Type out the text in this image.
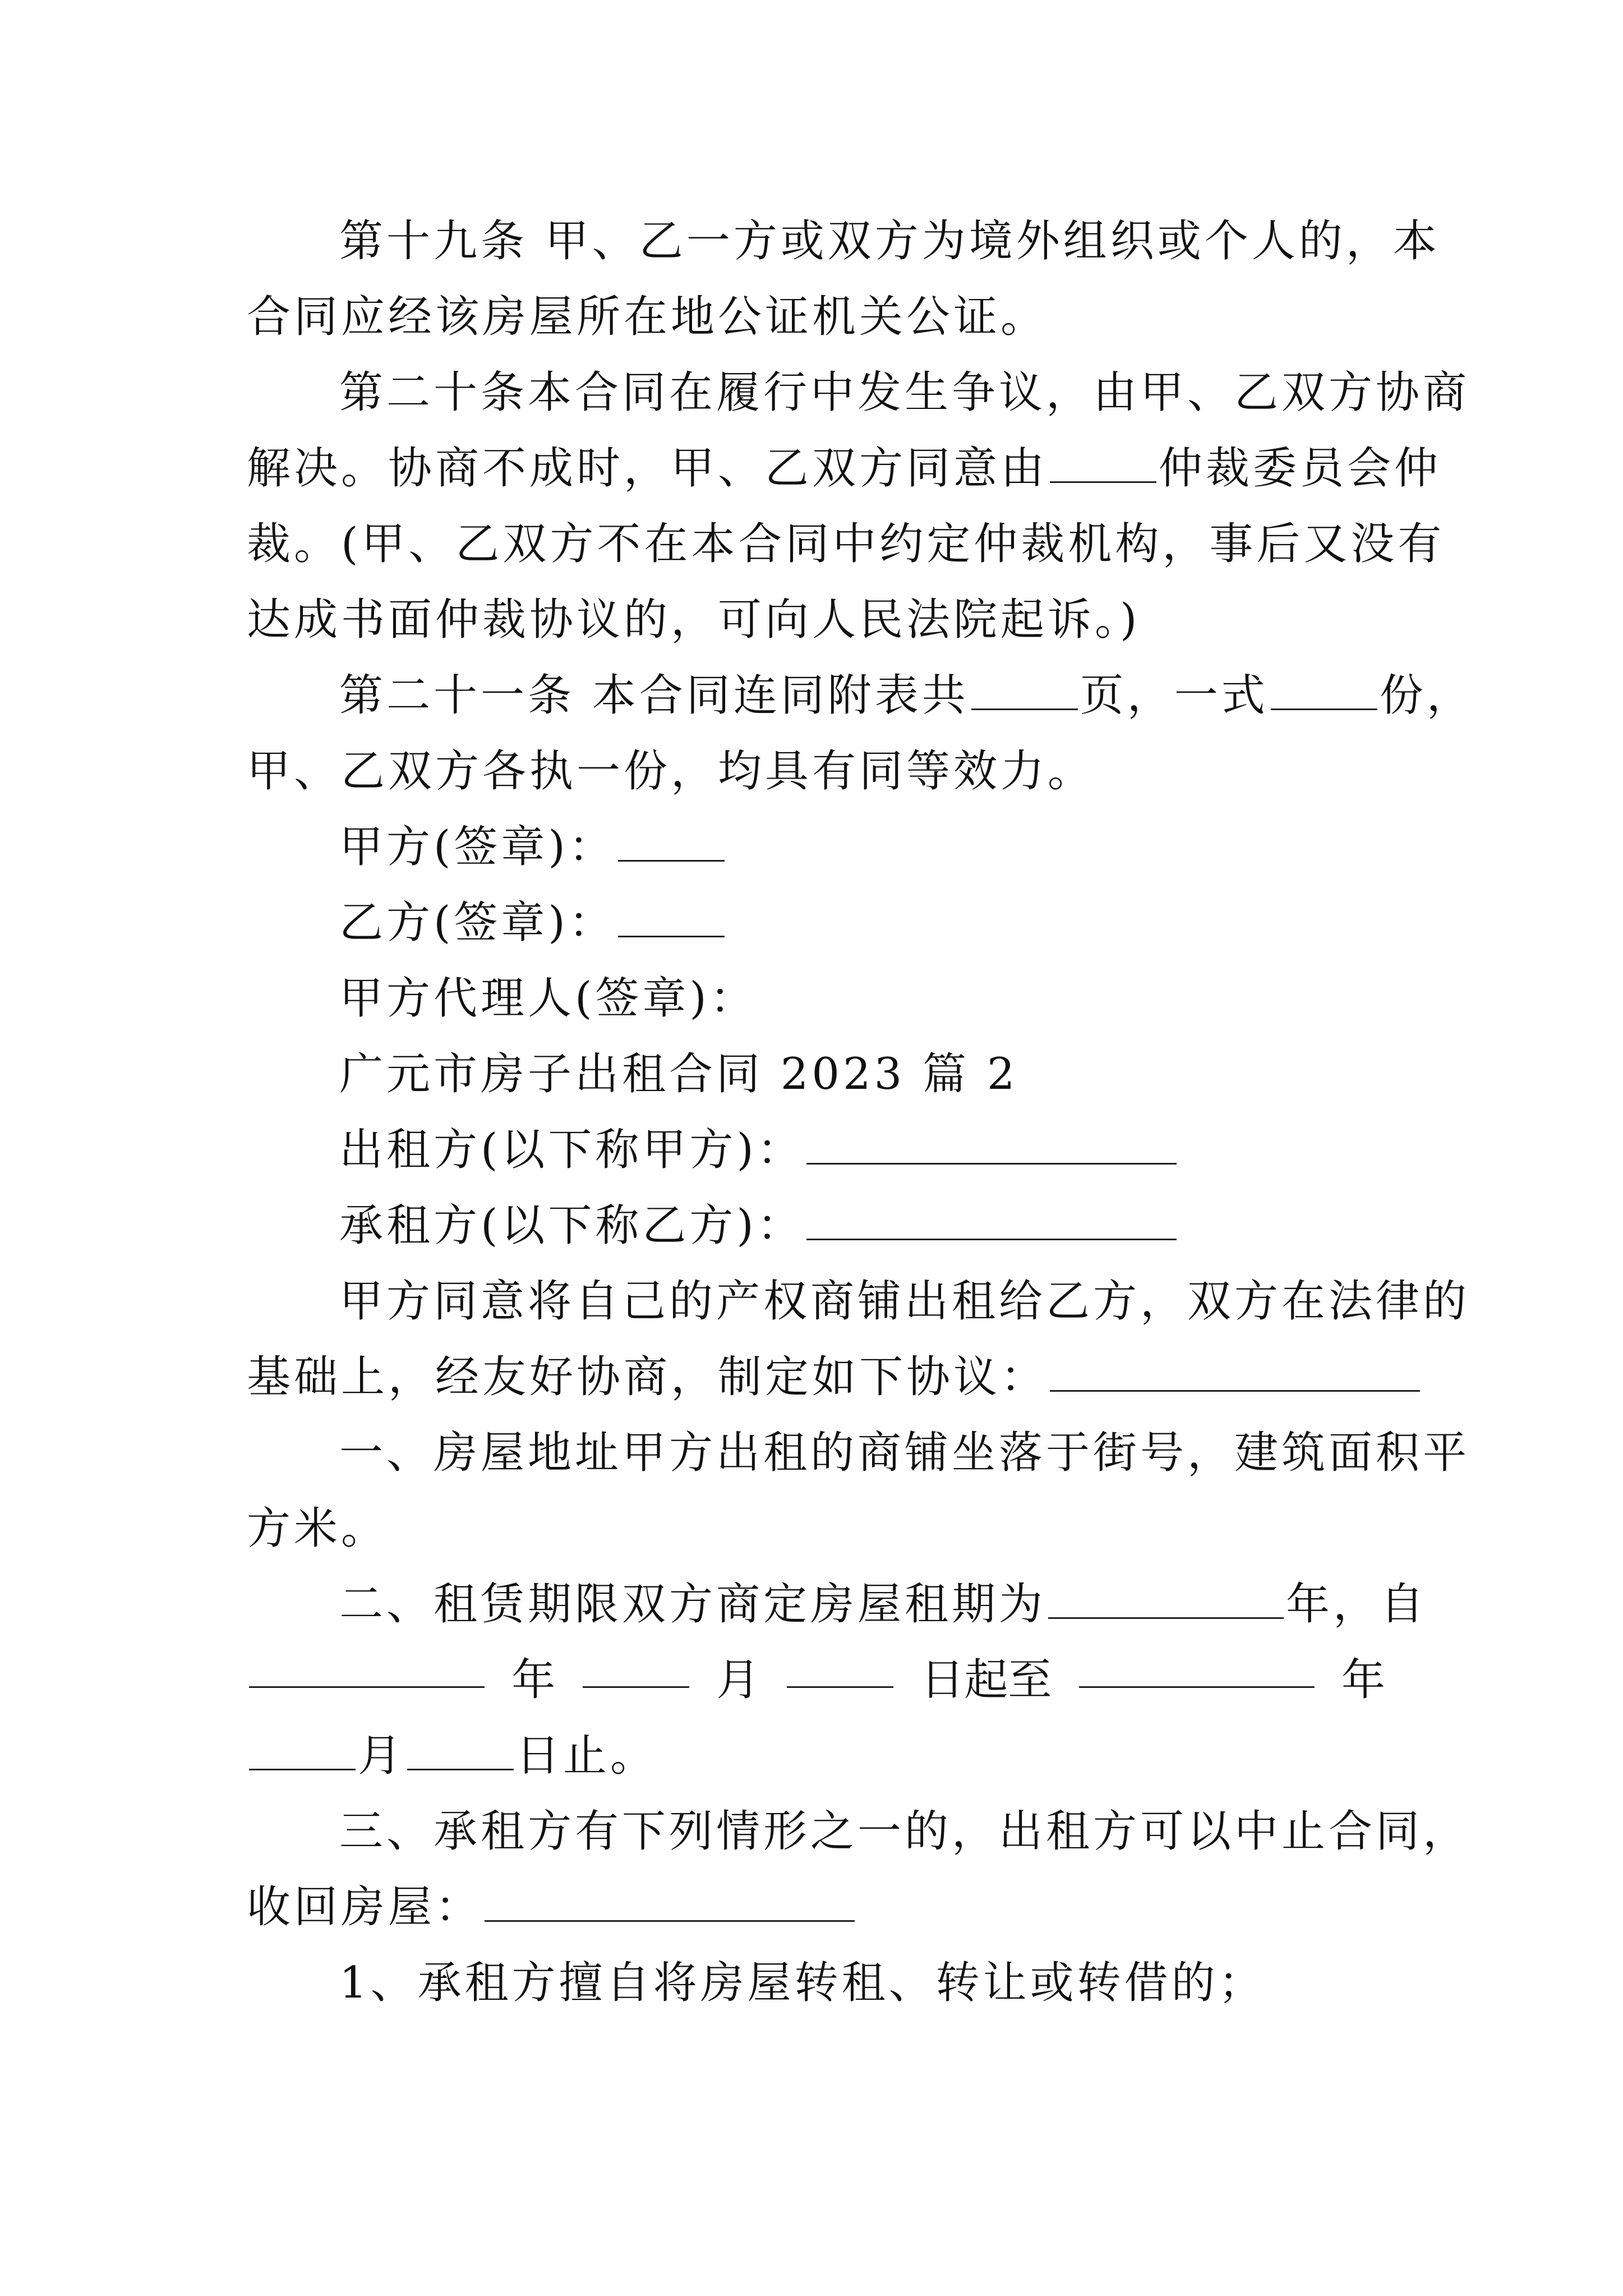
第十九条 甲、乙一方或双方为境外组织或个人的，本
合同应经该房屋所在地公证机关公证。
第二十条本合同在履行中发生争议，由甲、乙双方协商
解决。协商不成时，甲、乙双方同意由	仲裁委员会仲
裁。(甲、乙双方不在本合同中约定仲裁机构，事后又没有
达成书面仲裁协议的，可向人民法院起诉。)
第二十一条 本合同连同附表共	页，一式	份，
甲、乙双方各执一份，均具有同等效力。
甲方(签章)：
乙方(签章)：
甲方代理人(签章)：
广元市房子出租合同 2023 篇 2
出租方(以下称甲方)：
承租方(以下称乙方)：
甲方同意将自己的产权商铺出租给乙方，双方在法律的
基础上，经友好协商，制定如下协议：
一、房屋地址甲方出租的商铺坐落于街号，建筑面积平
方米。
二、租赁期限双方商定房屋租期为	年，自
年	月	日起至	年
月	日止。
三、承租方有下列情形之一的，出租方可以中止合同，
收回房屋：
1、承租方擅自将房屋转租、转让或转借的；
